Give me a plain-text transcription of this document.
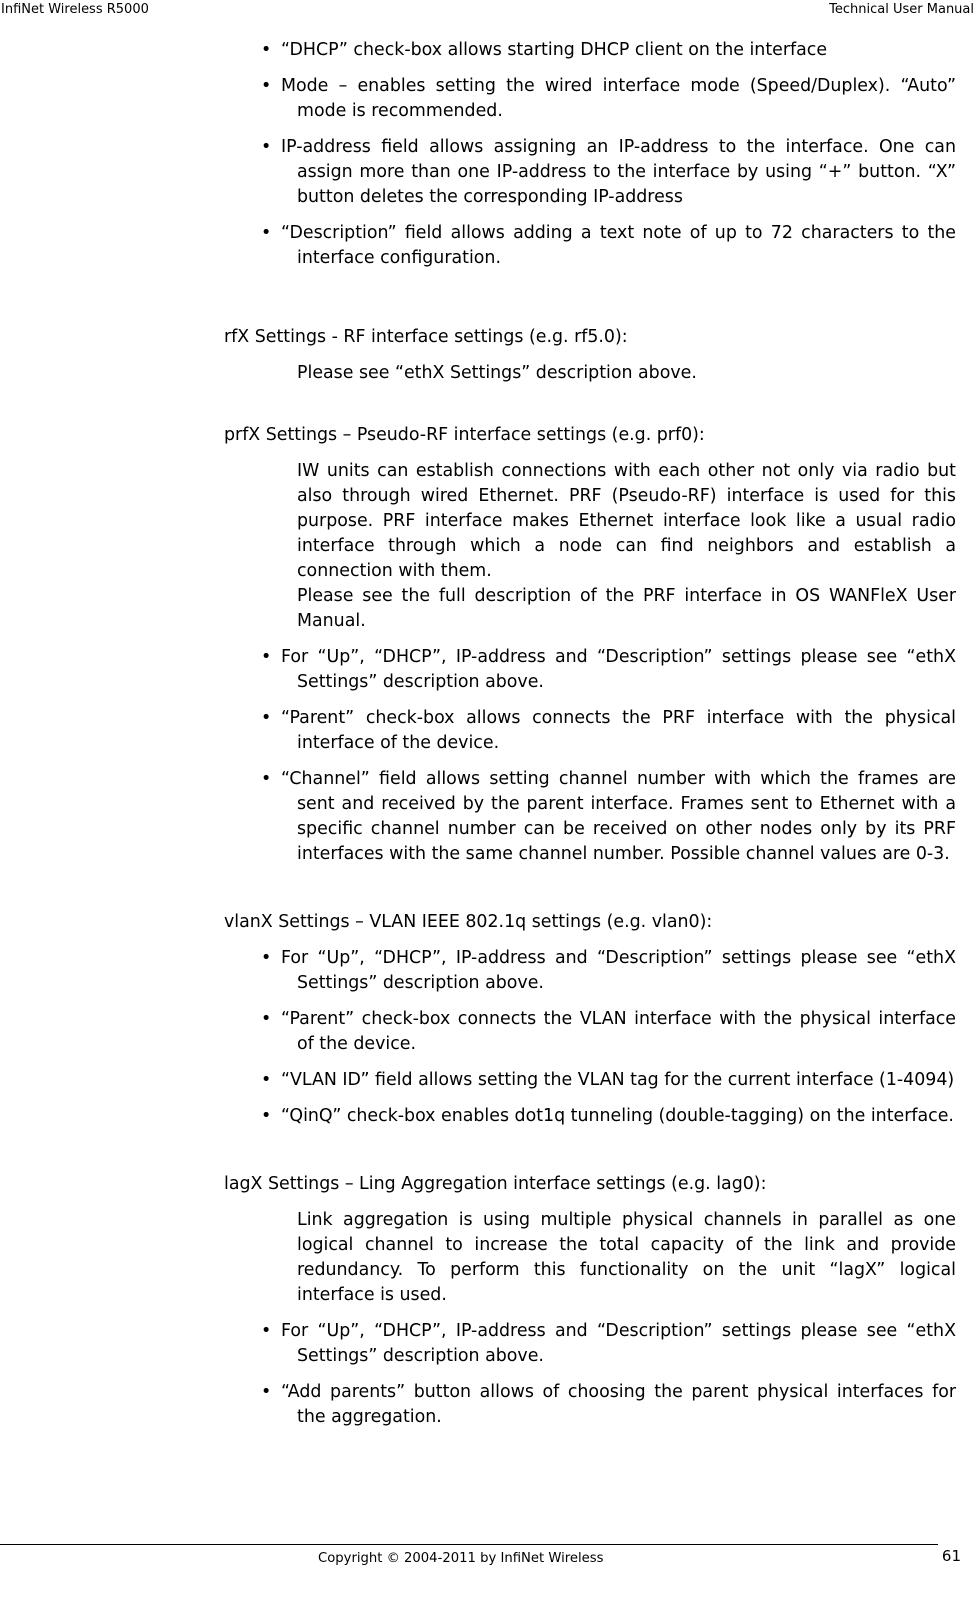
InfiNet Wireless R5000	Technical User Manual
• “DHCP” check-box allows starting DHCP client on the interface
• Mode – enables setting the wired interface mode (Speed/Duplex). “Auto” mode is recommended.
• IP-address field allows assigning an IP-address to the interface. One can assign more than one IP-address to the interface by using “+” button. “X” button deletes the corresponding IP-address
• “Description” field allows adding a text note of up to 72 characters to the interface configuration.

rfX Settings - RF interface settings (e.g. rf5.0):

Please see “ethX Settings” description above.

prfX Settings – Pseudo-RF interface settings (e.g. prf0):

IW units can establish connections with each other not only via radio but also through wired Ethernet. PRF (Pseudo-RF) interface is used for this purpose. PRF interface makes Ethernet interface look like a usual radio interface through which a node can find neighbors and establish a connection with them.

Please see the full description of the PRF interface in OS WANFleX User Manual.

• For “Up”, “DHCP”, IP-address and “Description” settings please see “ethX Settings” description above.
• “Parent” check-box allows connects the PRF interface with the physical interface of the device.
• “Channel” field allows setting channel number with which the frames are sent and received by the parent interface. Frames sent to Ethernet with a specific channel number can be received on other nodes only by its PRF interfaces with the same channel number. Possible channel values are 0-3.

vlanX Settings – VLAN IEEE 802.1q settings (e.g. vlan0):

• For “Up”, “DHCP”, IP-address and “Description” settings please see “ethX Settings” description above.
• “Parent” check-box connects the VLAN interface with the physical interface of the device.
• “VLAN ID” field allows setting the VLAN tag for the current interface (1-4094)
• “QinQ” check-box enables dot1q tunneling (double-tagging) on the interface.

lagX Settings – Ling Aggregation interface settings (e.g. lag0):

Link aggregation is using multiple physical channels in parallel as one logical channel to increase the total capacity of the link and provide redundancy. To perform this functionality on the unit “lagX” logical interface is used.

• For “Up”, “DHCP”, IP-address and “Description” settings please see “ethX Settings” description above.
• “Add parents” button allows of choosing the parent physical interfaces for the aggregation.
Copyright © 2004-2011 by InfiNet Wireless	61
